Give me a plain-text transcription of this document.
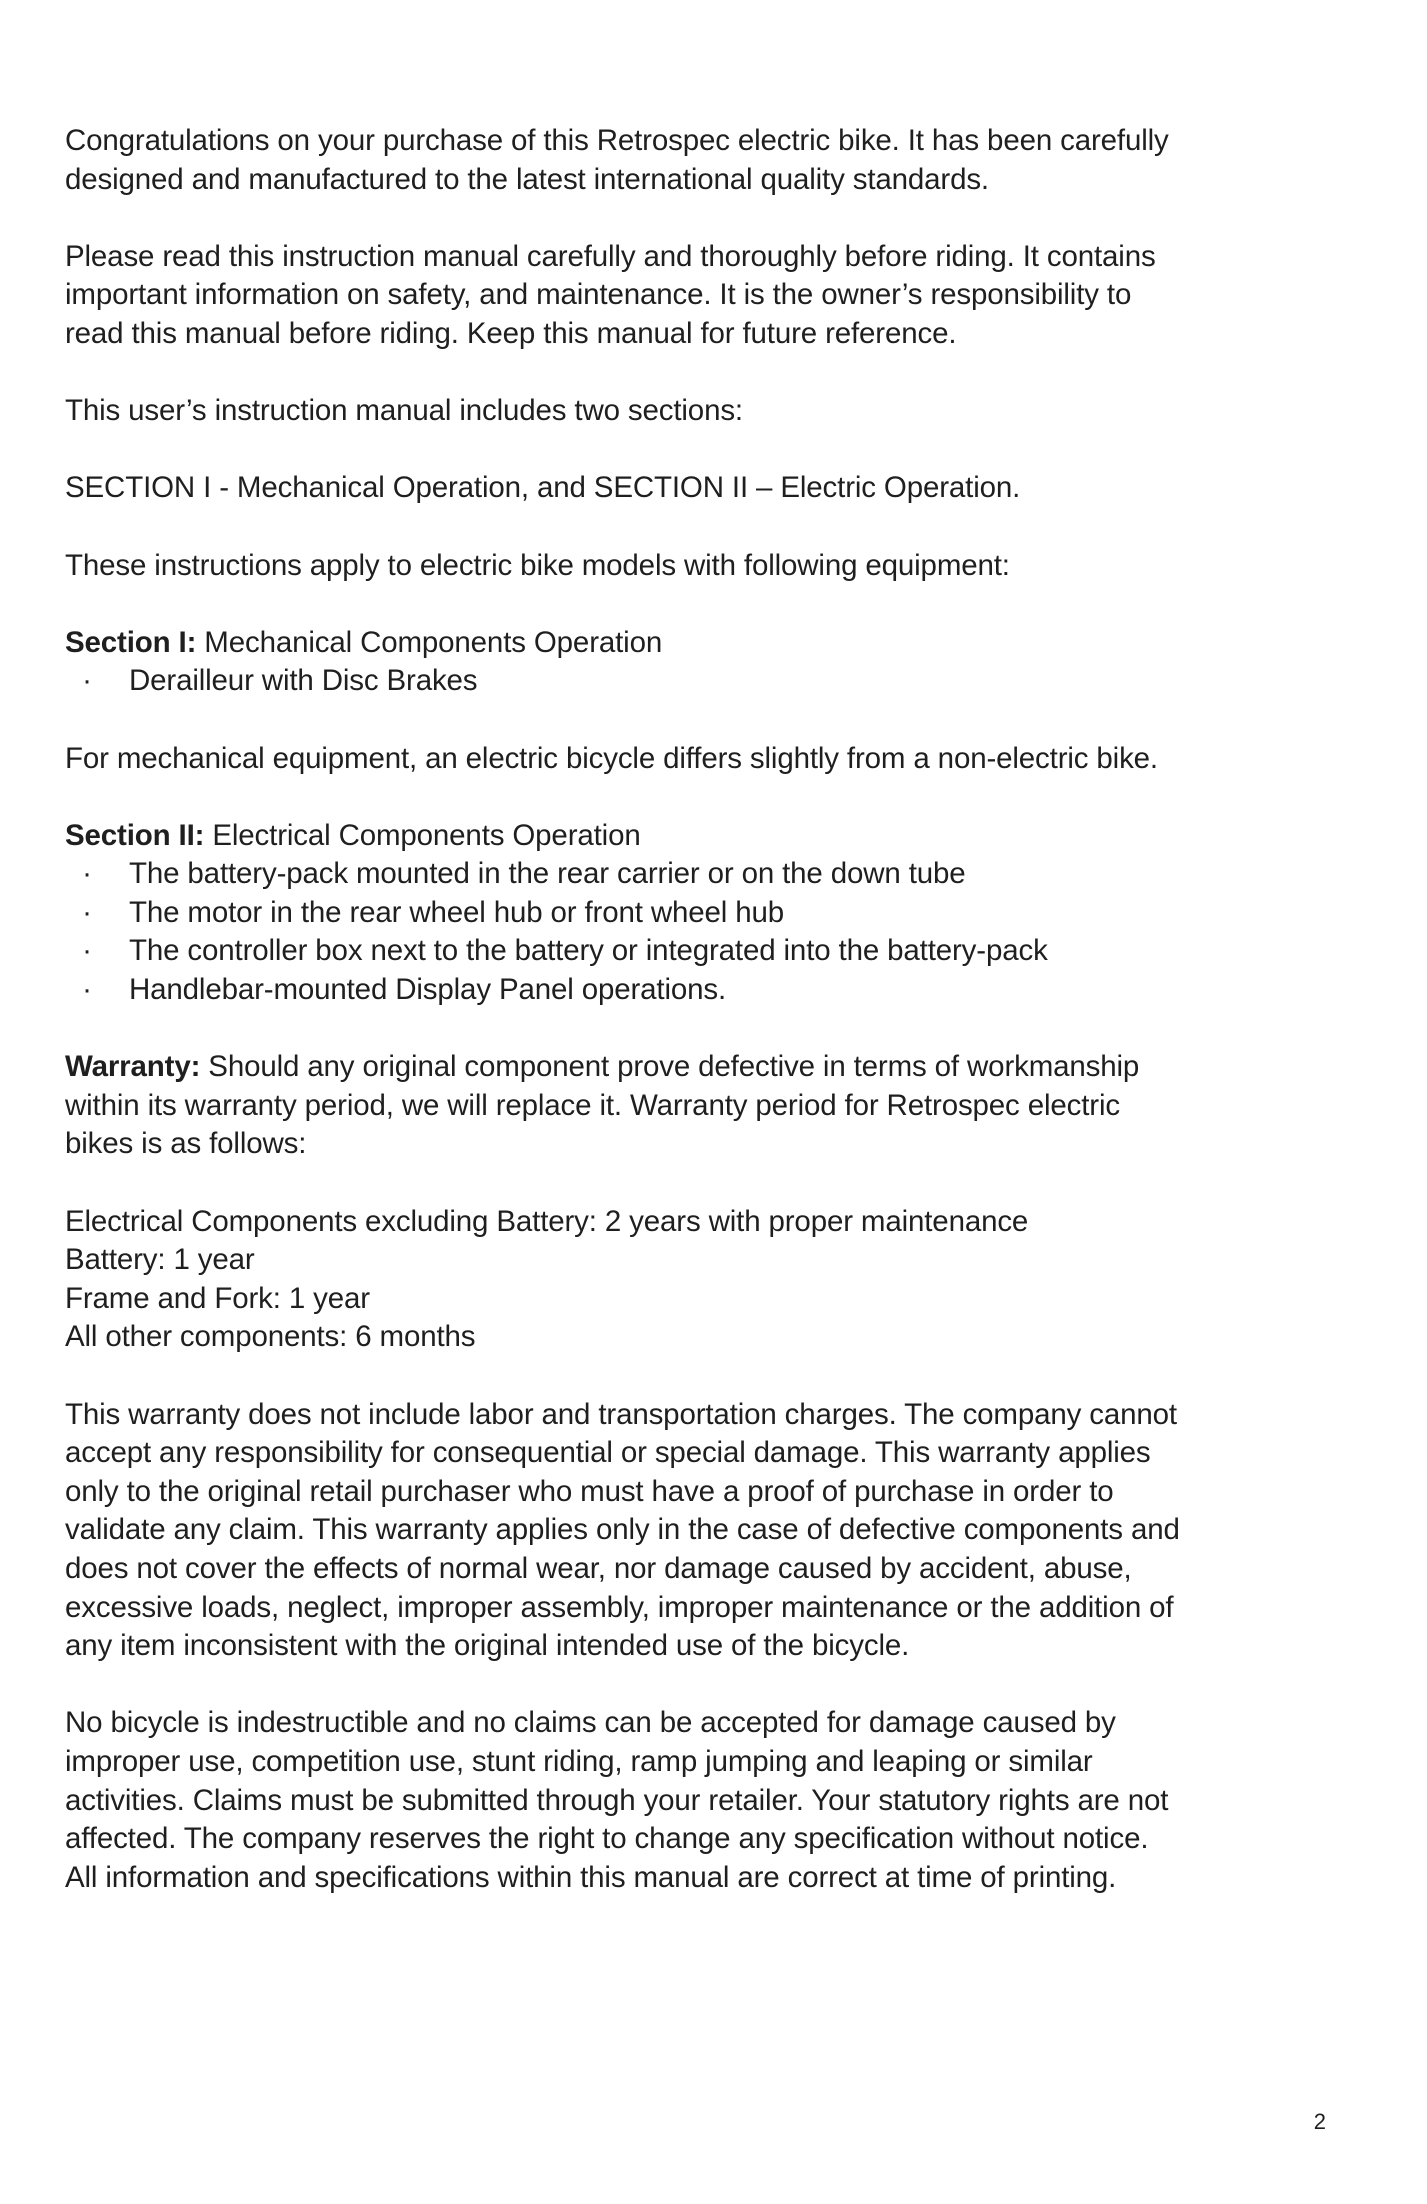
Congratulations on your purchase of this Retrospec electric bike. It has been carefully
designed and manufactured to the latest international quality standards.
Please read this instruction manual carefully and thoroughly before riding. It contains
important information on safety, and maintenance. It is the owner’s responsibility to
read this manual before riding. Keep this manual for future reference.
This user’s instruction manual includes two sections:
SECTION I - Mechanical Operation, and SECTION II – Electric Operation.
These instructions apply to electric bike models with following equipment:
Section I: Mechanical Components Operation
· Derailleur with Disc Brakes
For mechanical equipment, an electric bicycle differs slightly from a non-electric bike.
Section II: Electrical Components Operation
· The battery-pack mounted in the rear carrier or on the down tube
· The motor in the rear wheel hub or front wheel hub
· The controller box next to the battery or integrated into the battery-pack
· Handlebar-mounted Display Panel operations.
Warranty: Should any original component prove defective in terms of workmanship
within its warranty period, we will replace it. Warranty period for Retrospec electric
bikes is as follows:
Electrical Components excluding Battery: 2 years with proper maintenance
Battery: 1 year
Frame and Fork: 1 year
All other components: 6 months
This warranty does not include labor and transportation charges. The company cannot
accept any responsibility for consequential or special damage. This warranty applies
only to the original retail purchaser who must have a proof of purchase in order to
validate any claim. This warranty applies only in the case of defective components and
does not cover the effects of normal wear, nor damage caused by accident, abuse,
excessive loads, neglect, improper assembly, improper maintenance or the addition of
any item inconsistent with the original intended use of the bicycle.
No bicycle is indestructible and no claims can be accepted for damage caused by
improper use, competition use, stunt riding, ramp jumping and leaping or similar
activities. Claims must be submitted through your retailer. Your statutory rights are not
affected. The company reserves the right to change any specification without notice.
All information and specifications within this manual are correct at time of printing.
2
